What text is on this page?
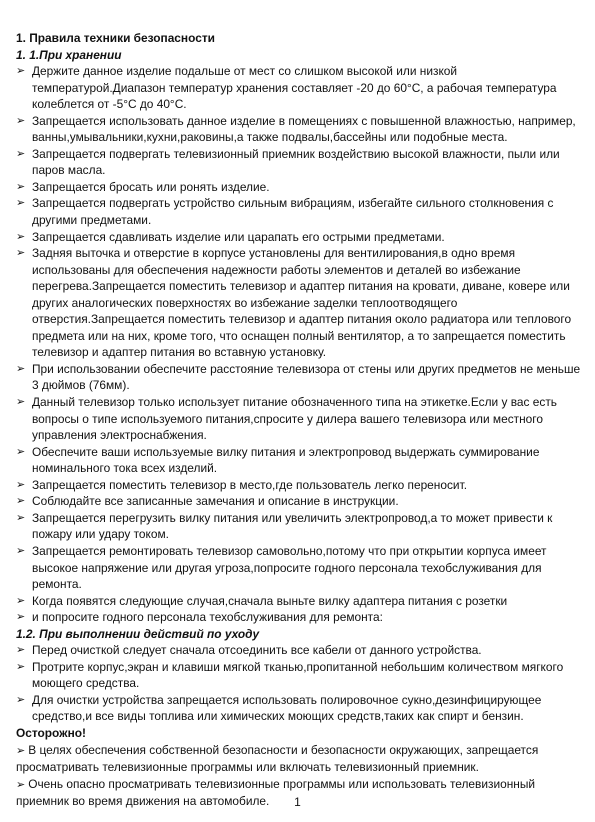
1. Правила техники безопасности
1. 1.При хранении
➢ Держите данное изделие подальше от мест со слишком высокой или низкой температурой.Диапазон температур хранения составляет -20 до 60°С, а рабочая температура колеблется от -5°С до 40°С.
➢ Запрещается использовать данное изделие в помещениях с повышенной влажностью, например, ванны,умывальники,кухни,раковины,а также подвалы,бассейны или подобные места.
➢ Запрещается подвергать телевизионный приемник воздействию высокой влажности, пыли или паров масла.
➢ Запрещается бросать или ронять изделие.
➢ Запрещается подвергать устройство сильным вибрациям, избегайте сильного столкновения с другими предметами.
➢ Запрещается сдавливать изделие или царапать его острыми предметами.
➢ Задняя выточка и отверстие в корпусе установлены для вентилирования,в одно время использованы для обеспечения надежности работы элементов и деталей во избежание перегрева.Запрещается поместить телевизор и адаптер питания на кровати, диване, ковере или других аналогических поверхностях во избежание заделки теплоотводящего отверстия.Запрещается поместить телевизор и адаптер питания около радиатора или теплового предмета или на них, кроме того, что оснащен полный вентилятор, а то запрещается поместить телевизор и адаптер питания во вставную установку.
➢ При использовании обеспечите расстояние телевизора от стены или других предметов не меньше 3 дюймов (76мм).
➢ Данный телевизор только использует питание обозначенного типа на этикетке.Если у вас есть вопросы о типе используемого питания,спросите у дилера вашего телевизора или местного управления электроснабжения.
➢ Обеспечите ваши используемые вилку питания и электропровод выдержать суммирование номинального тока всех изделий.
➢ Запрещается поместить телевизор в место,где пользователь легко переносит.
➢ Соблюдайте все записанные замечания и описание в инструкции.
➢ Запрещается перегрузить вилку питания или увеличить электропровод,а то может привести к пожару или удару током.
➢ Запрещается ремонтировать телевизор самовольно,потому что при открытии корпуса имеет высокое напряжение или другая угроза,попросите годного персонала техобслуживания для ремонта.
➢ Когда появятся следующие случая,сначала выньте вилку адаптера питания с розетки
➢ и попросите годного персонала техобслуживания для ремонта:
1.2. При выполнении действий по уходу
➢ Перед очисткой следует сначала отсоединить все кабели от данного устройства.
➢ Протрите корпус,экран и клавиши мягкой тканью,пропитанной небольшим количеством мягкого моющего средства.
➢ Для очистки устройства запрещается использовать полировочное сукно,дезинфицирующее средство,и все виды топлива или химических моющих средств,таких как спирт и бензин.
Осторожно!
➢ В целях обеспечения собственной безопасности и безопасности окружающих, запрещается просматривать телевизионные программы или включать телевизионный приемник.
➢ Очень опасно просматривать телевизионные программы или использовать телевизионный приемник во время движения на автомобиле.	1
